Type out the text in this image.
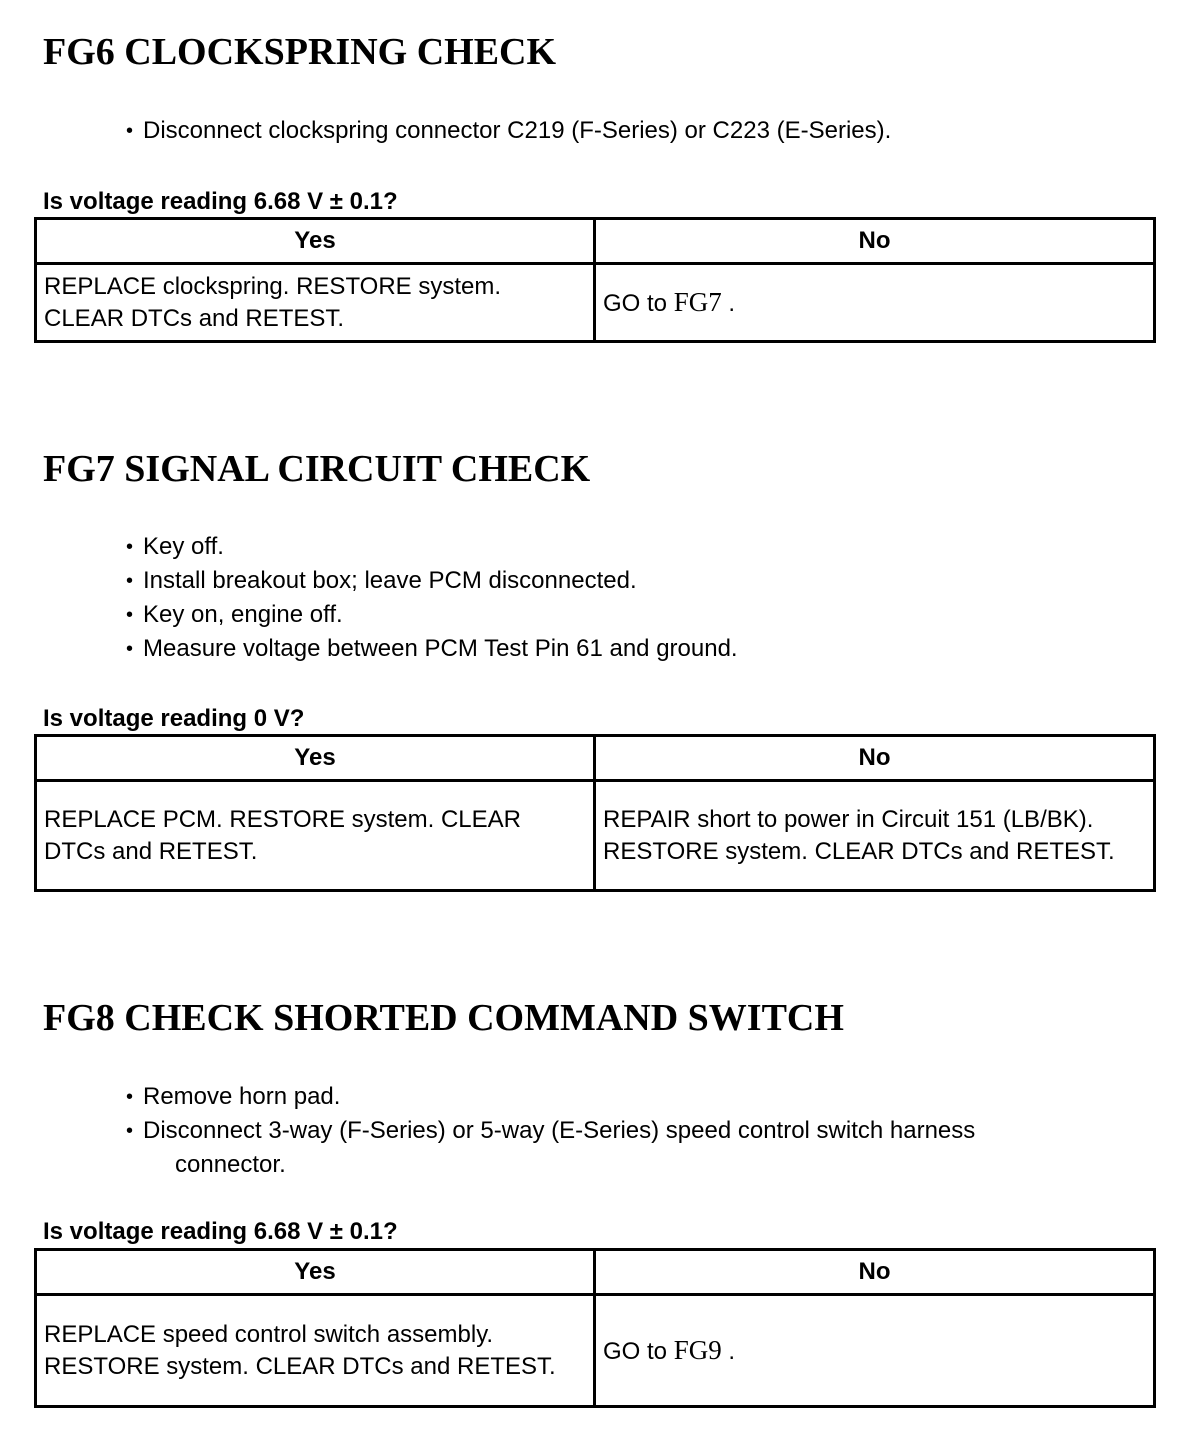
FG6 CLOCKSPRING CHECK
• Disconnect clockspring connector C219 (F-Series) or C223 (E-Series).
Is voltage reading 6.68 V ± 0.1?
Yes	No
REPLACE clockspring. RESTORE system. CLEAR DTCs and RETEST.	GO to FG7 .
FG7 SIGNAL CIRCUIT CHECK
• Key off.
• Install breakout box; leave PCM disconnected.
• Key on, engine off.
• Measure voltage between PCM Test Pin 61 and ground.
Is voltage reading 0 V?
Yes	No
REPLACE PCM. RESTORE system. CLEAR DTCs and RETEST.	REPAIR short to power in Circuit 151 (LB/BK). RESTORE system. CLEAR DTCs and RETEST.
FG8 CHECK SHORTED COMMAND SWITCH
• Remove horn pad.
• Disconnect 3-way (F-Series) or 5-way (E-Series) speed control switch harness
connector.
Is voltage reading 6.68 V ± 0.1?
Yes	No
REPLACE speed control switch assembly. RESTORE system. CLEAR DTCs and RETEST.	GO to FG9 .
